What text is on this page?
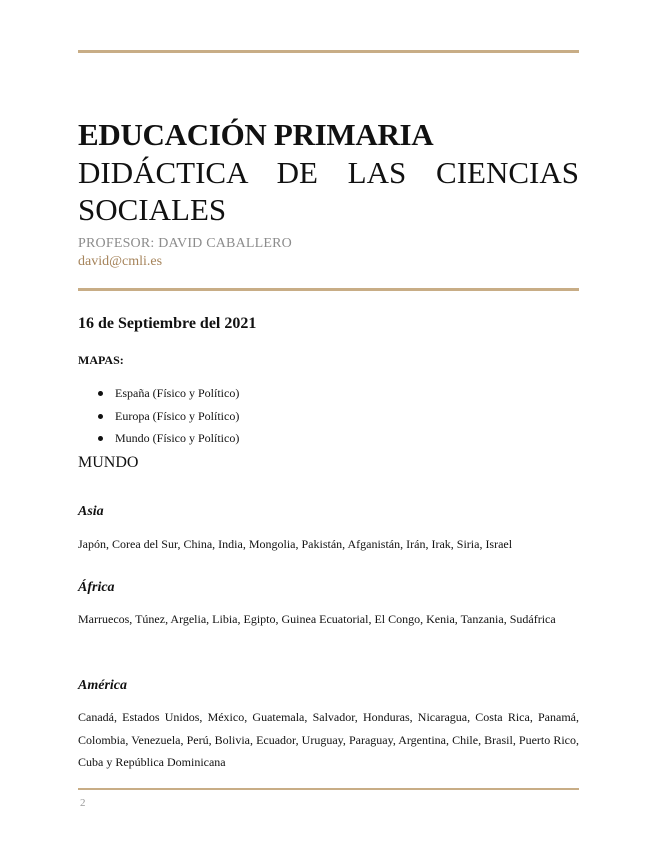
EDUCACIÓN PRIMARIA
DIDÁCTICA DE LAS CIENCIAS SOCIALES
PROFESOR: DAVID CABALLERO
david@cmli.es
16 de Septiembre del 2021
MAPAS:
España (Físico y Político)
Europa (Físico y Político)
Mundo (Físico y Político)
MUNDO
Asia
Japón, Corea del Sur, China, India, Mongolia, Pakistán, Afganistán, Irán, Irak, Siria, Israel
África
Marruecos, Túnez, Argelia, Libia, Egipto, Guinea Ecuatorial, El Congo, Kenia, Tanzania, Sudáfrica
América
Canadá, Estados Unidos, México, Guatemala, Salvador, Honduras, Nicaragua, Costa Rica, Panamá, Colombia, Venezuela, Perú, Bolivia, Ecuador, Uruguay, Paraguay, Argentina, Chile, Brasil, Puerto Rico, Cuba y República Dominicana
2
